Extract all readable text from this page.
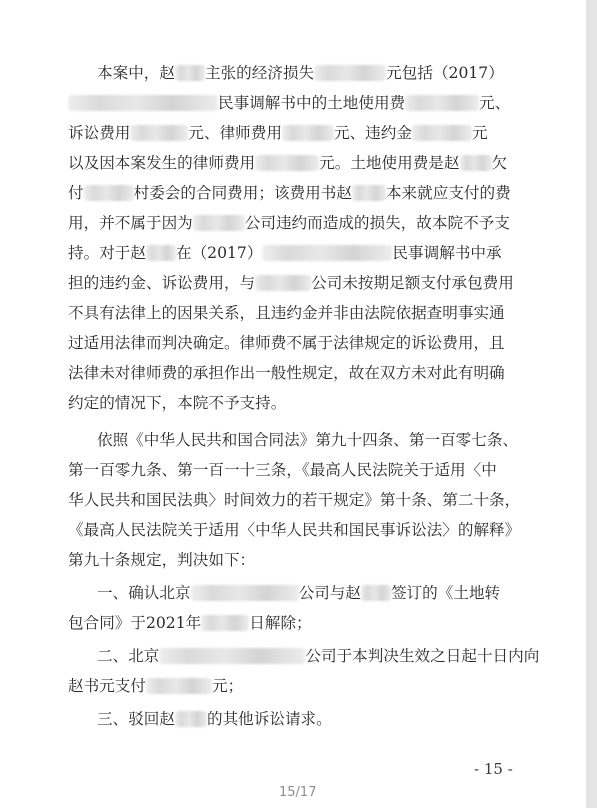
本案中，赵 主张的经济损失	元包括（2017）
民事调解书中的土地使用费	元、
诉讼费用	元、律师费用	元、违约金	元
以及因本案发生的律师费用	元。土地使用费是赵 欠
付	村委会的合同费用；该费用书赵 本来就应支付的费
用，并不属于因为	公司违约而造成的损失，故本院不予支
持。对于赵 在（2017）	民事调解书中承
担的违约金、诉讼费用，与	公司未按期足额支付承包费用
不具有法律上的因果关系，且违约金并非由法院依据查明事实通
过适用法律而判决确定。律师费不属于法律规定的诉讼费用，且
法律未对律师费的承担作出一般性规定，故在双方未对此有明确
约定的情况下，本院不予支持。
依照《中华人民共和国合同法》第九十四条、第一百零七条、
第一百零九条、第一百一十三条，《最高人民法院关于适用〈中
华人民共和国民法典〉时间效力的若干规定》第十条、第二十条，
《最高人民法院关于适用〈中华人民共和国民事诉讼法〉的解释》
第九十条规定，判决如下：
一、确认北京	公司与赵 签订的《土地转
包合同》于2021年	日解除；
二、北京	公司于本判决生效之日起十日内向
赵书元支付	元；
三、驳回赵 的其他诉讼请求。
- 15 -
15/17
